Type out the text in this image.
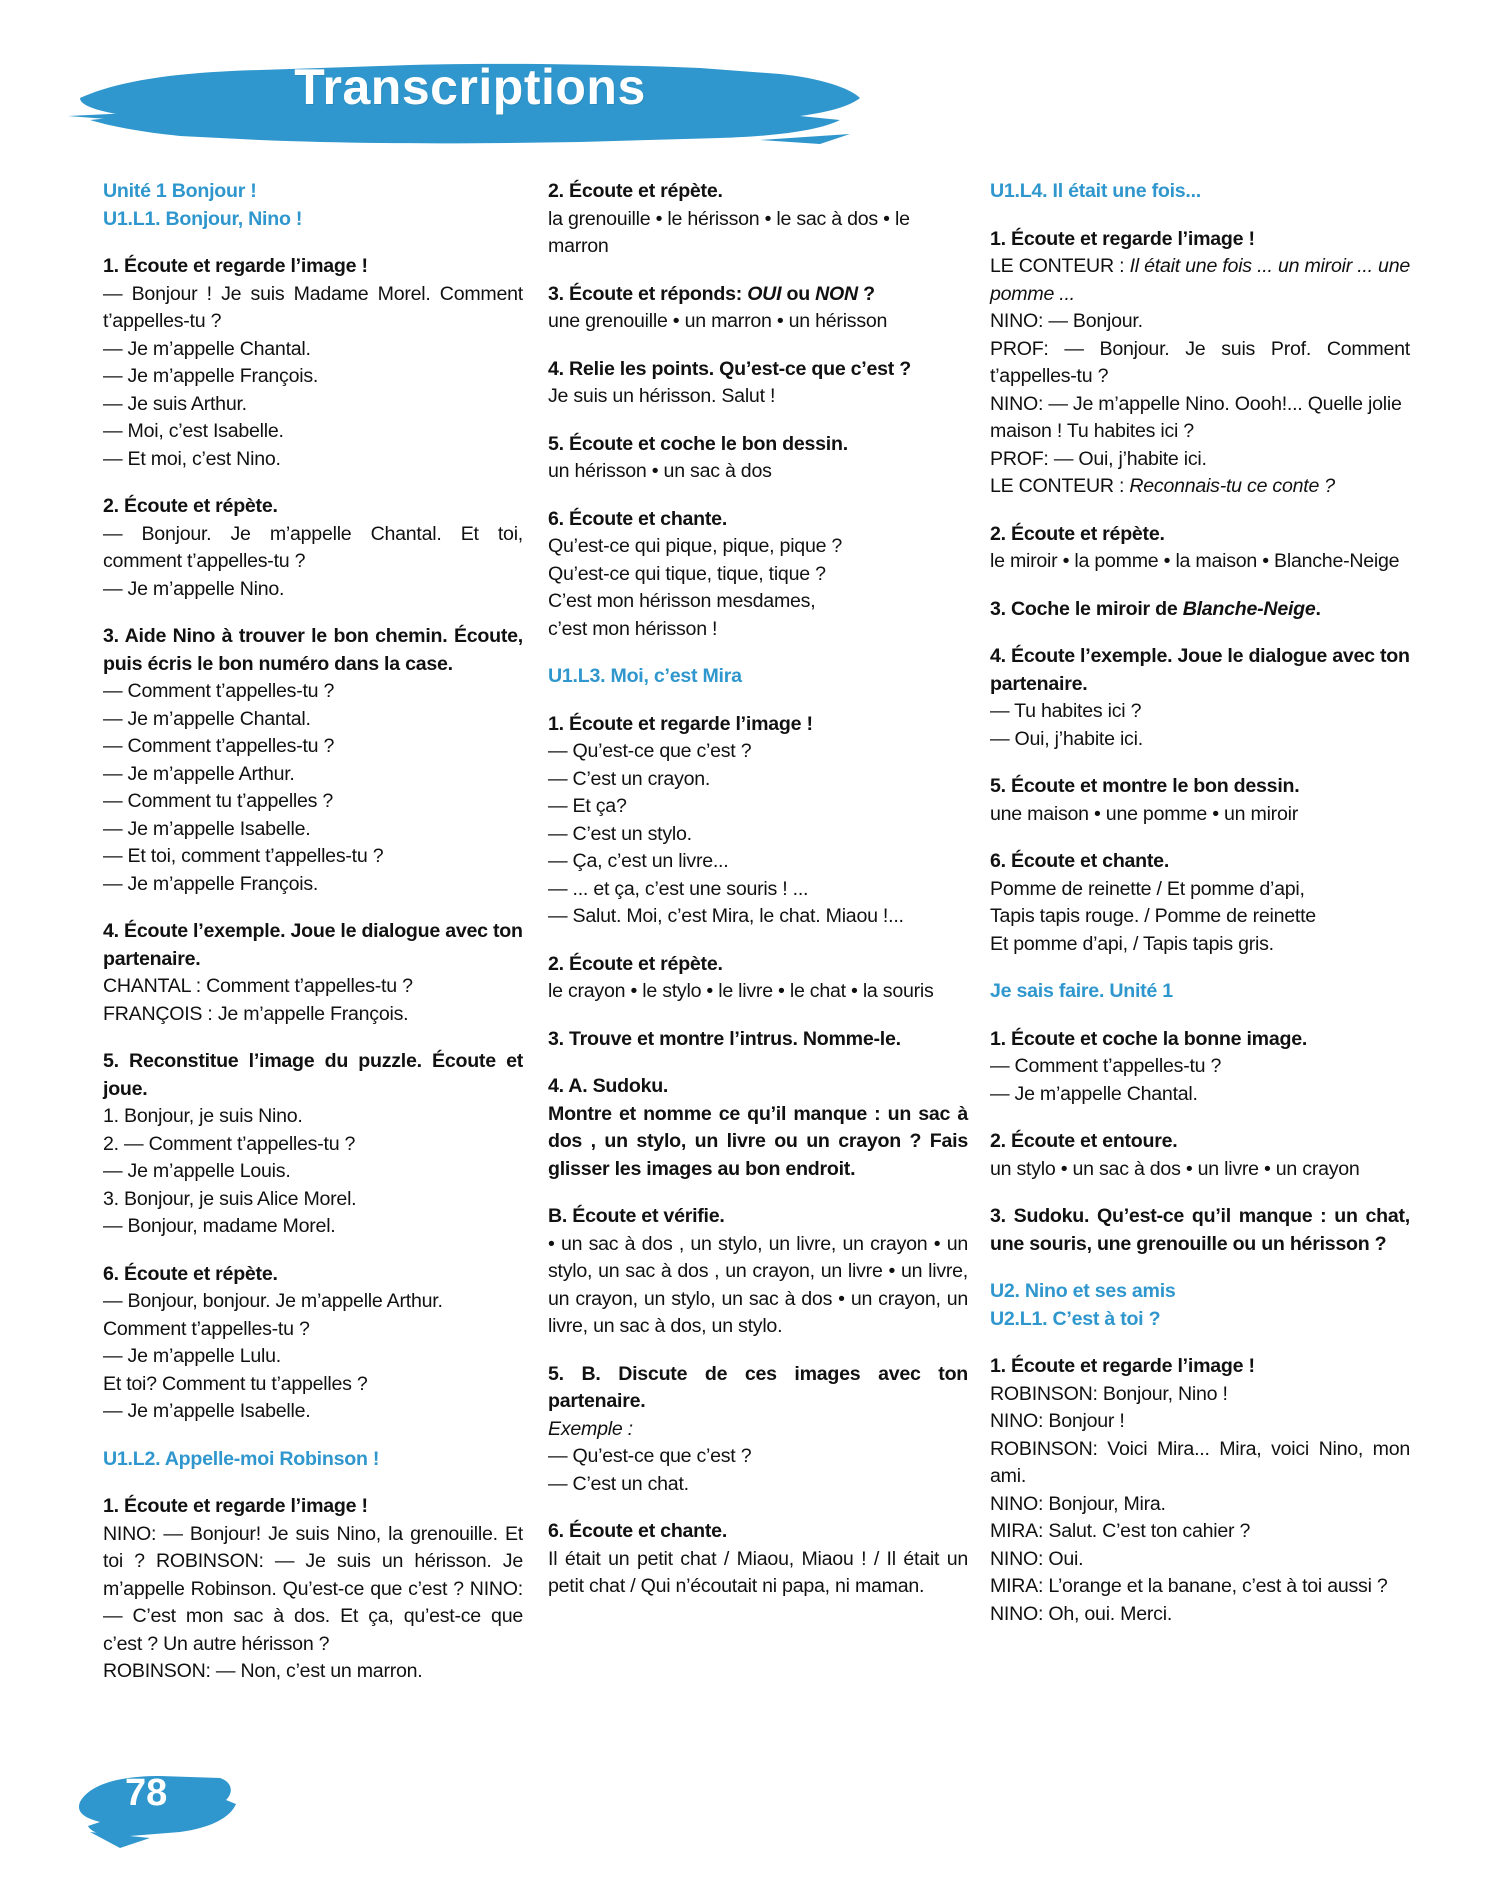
Transcriptions
Unité 1 Bonjour !
U1.L1. Bonjour, Nino !
1. Écoute et regarde l’image !
— Bonjour ! Je suis Madame Morel. Comment t’appelles-tu ?
— Je m’appelle Chantal.
— Je m’appelle François.
— Je suis Arthur.
— Moi, c’est Isabelle.
— Et moi, c’est Nino.
2. Écoute et répète.
— Bonjour. Je m’appelle Chantal. Et toi, comment t’appelles-tu ?
— Je m’appelle Nino.
3. Aide Nino à trouver le bon chemin. Écoute, puis écris le bon numéro dans la case.
— Comment t’appelles-tu ?
— Je m’appelle Chantal.
— Comment t’appelles-tu ?
— Je m’appelle Arthur.
— Comment tu t’appelles ?
— Je m’appelle Isabelle.
— Et toi, comment t’appelles-tu ?
— Je m’appelle François.
4. Écoute l’exemple. Joue le dialogue avec ton partenaire.
CHANTAL : Comment t’appelles-tu ?
FRANÇOIS : Je m’appelle François.
5. Reconstitue l’image du puzzle. Écoute et joue.
1. Bonjour, je suis Nino.
2. — Comment t’appelles-tu ?
— Je m’appelle Louis.
3. Bonjour, je suis Alice Morel.
— Bonjour, madame Morel.
6. Écoute et répète.
— Bonjour, bonjour. Je m’appelle Arthur. Comment t’appelles-tu ?
— Je m’appelle Lulu.
Et toi? Comment tu t’appelles ?
— Je m’appelle Isabelle.
U1.L2. Appelle-moi Robinson !
1. Écoute et regarde l’image !
NINO: — Bonjour! Je suis Nino, la grenouille. Et toi ? ROBINSON: — Je suis un hérisson. Je m’appelle Robinson. Qu’est-ce que c’est ? NINO: — C’est mon sac à dos. Et ça, qu’est-ce que c’est ? Un autre hérisson ?
ROBINSON: — Non, c’est un marron.
2. Écoute et répète.
la grenouille • le hérisson • le sac à dos • le marron
3. Écoute et réponds: OUI ou NON ?
une grenouille • un marron • un hérisson
4. Relie les points. Qu’est-ce que c’est ?
Je suis un hérisson. Salut !
5. Écoute et coche le bon dessin.
un hérisson • un sac à dos
6. Écoute et chante.
Qu’est-ce qui pique, pique, pique ?
Qu’est-ce qui tique, tique, tique ?
C’est mon hérisson mesdames,
c’est mon hérisson !
U1.L3. Moi, c’est Mira
1. Écoute et regarde l’image !
— Qu’est-ce que c’est ?
— C’est un crayon.
— Et ça?
— C’est un stylo.
— Ça, c’est un livre...
— ... et ça, c’est une souris ! ...
— Salut. Moi, c’est Mira, le chat. Miaou !...
2. Écoute et répète.
le crayon • le stylo • le livre • le chat • la souris
3. Trouve et montre l’intrus. Nomme-le.
4. A. Sudoku.
Montre et nomme ce qu’il manque : un sac à dos , un stylo, un livre ou un crayon ? Fais glisser les images au bon endroit.
B. Écoute et vérifie.
• un sac à dos , un stylo, un livre, un crayon • un stylo, un sac à dos , un crayon, un livre • un livre, un crayon, un stylo, un sac à dos • un crayon, un livre, un sac à dos, un stylo.
5. B. Discute de ces images avec ton partenaire.
Exemple :
— Qu’est-ce que c’est ?
— C’est un chat.
6. Écoute et chante.
Il était un petit chat / Miaou, Miaou ! / Il était un petit chat / Qui n’écoutait ni papa, ni maman.
U1.L4. Il était une fois...
1. Écoute et regarde l’image !
LE CONTEUR : Il était une fois ... un miroir ... une pomme ...
NINO: — Bonjour.
PROF: — Bonjour. Je suis Prof. Comment t’appelles-tu ?
NINO: — Je m’appelle Nino. Oooh!... Quelle jolie maison ! Tu habites ici ?
PROF: — Oui, j’habite ici.
LE CONTEUR : Reconnais-tu ce conte ?
2. Écoute et répète.
le miroir • la pomme • la maison • Blanche-Neige
3. Coche le miroir de Blanche-Neige.
4. Écoute l’exemple. Joue le dialogue avec ton partenaire.
— Tu habites ici ?
— Oui, j’habite ici.
5. Écoute et montre le bon dessin.
une maison • une pomme • un miroir
6. Écoute et chante.
Pomme de reinette / Et pomme d’api,
Tapis tapis rouge. / Pomme de reinette
Et pomme d’api, / Tapis tapis gris.
Je sais faire. Unité 1
1. Écoute et coche la bonne image.
— Comment t’appelles-tu ?
— Je m’appelle Chantal.
2. Écoute et entoure.
un stylo • un sac à dos • un livre • un crayon
3. Sudoku. Qu’est-ce qu’il manque : un chat, une souris, une grenouille ou un hérisson ?
U2. Nino et ses amis
U2.L1. C’est à toi ?
1. Écoute et regarde l’image !
ROBINSON: Bonjour, Nino !
NINO: Bonjour !
ROBINSON: Voici Mira... Mira, voici Nino, mon ami.
NINO: Bonjour, Mira.
MIRA: Salut. C’est ton cahier ?
NINO: Oui.
MIRA: L’orange et la banane, c’est à toi aussi ?
NINO: Oh, oui. Merci.
78
